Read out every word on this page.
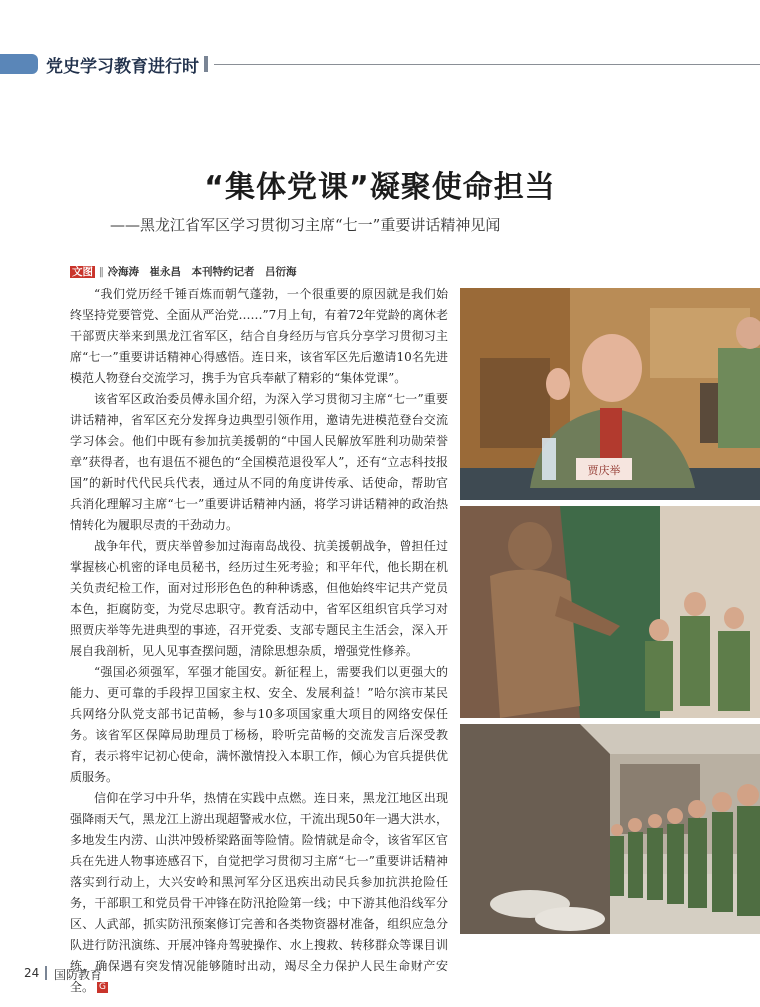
党史学习教育进行时
“集体党课”凝聚使命担当
——黑龙江省军区学习贯彻习主席“七一”重要讲话精神见闻
文图 ‖ 冷海涛　崔永昌　本刊特约记者　吕衍海

“我们党历经千锤百炼而朝气蓬勃，一个很重要的原因就是我们始终坚持党要管党、全面从严治党……”7月上旬，有着72年党龄的离休老干部贾庆举来到黑龙江省军区，结合自身经历与官兵分享学习贯彻习主席“七一”重要讲话精神心得感悟。连日来，该省军区先后邀请10名先进模范人物登台交流学习，携手为官兵奉献了精彩的“集体党课”。

该省军区政治委员傅永国介绍，为深入学习贯彻习主席“七一”重要讲话精神，省军区充分发挥身边典型引领作用，邀请先进模范登台交流学习体会。他们中既有参加抗美援朝的“中国人民解放军胜利功勋荣誉章”获得者，也有退伍不褪色的“全国模范退役军人”，还有“立志科技报国”的新时代代民兵代表，通过从不同的角度讲传承、话使命，帮助官兵消化理解习主席“七一”重要讲话精神内涵，将学习讲话精神的政治热情转化为履职尽责的干劲动力。

战争年代，贾庆举曾参加过海南岛战役、抗美援朝战争，曾担任过掌握核心机密的译电员秘书，经历过生死考验；和平年代，他长期在机关负责纪检工作，面对过形形色色的种种诱惑，但他始终牢记共产党员本色，拒腐防变，为党尽忠职守。教育活动中，省军区组织官兵学习对照贾庆举等先进典型的事迹，召开党委、支部专题民主生活会，深入开展自我剖析，见人见事查摆问题，清除思想杂质，增强党性修养。

“强国必须强军，军强才能国安。新征程上，需要我们以更强大的能力、更可靠的手段捍卫国家主权、安全、发展利益！”哈尔滨市某民兵网络分队党支部书记苗畅，参与10多项国家重大项目的网络安保任务。该省军区保障局助理员丁杨杨，聆听完苗畅的交流发言后深受教育，表示将牢记初心使命，满怀激情投入本职工作，倾心为官兵提供优质服务。

信仰在学习中升华，热情在实践中点燃。连日来，黑龙江地区出现强降雨天气，黑龙江上游出现超警戒水位，干流出现50年一遇大洪水，多地发生内涝、山洪冲毁桥梁路面等险情。险情就是命令，该省军区官兵在先进人物事迹感召下，自觉把学习贯彻习主席“七一”重要讲话精神落实到行动上，大兴安岭和黑河军分区迅疾出动民兵参加抗洪抢险任务，干部职工和党员骨干冲锋在防汛抢险第一线；中下游其他沿线军分区、人武部，抓实防汛预案修订完善和各类物资器材准备，组织应急分队进行防汛演练、开展冲锋舟驾驶操作、水上搜救、转移群众等课目训练，确保遇有突发情况能够随时出动，竭尽全力保护人民生命财产安全。 G

贾庆举
24 国防教育
